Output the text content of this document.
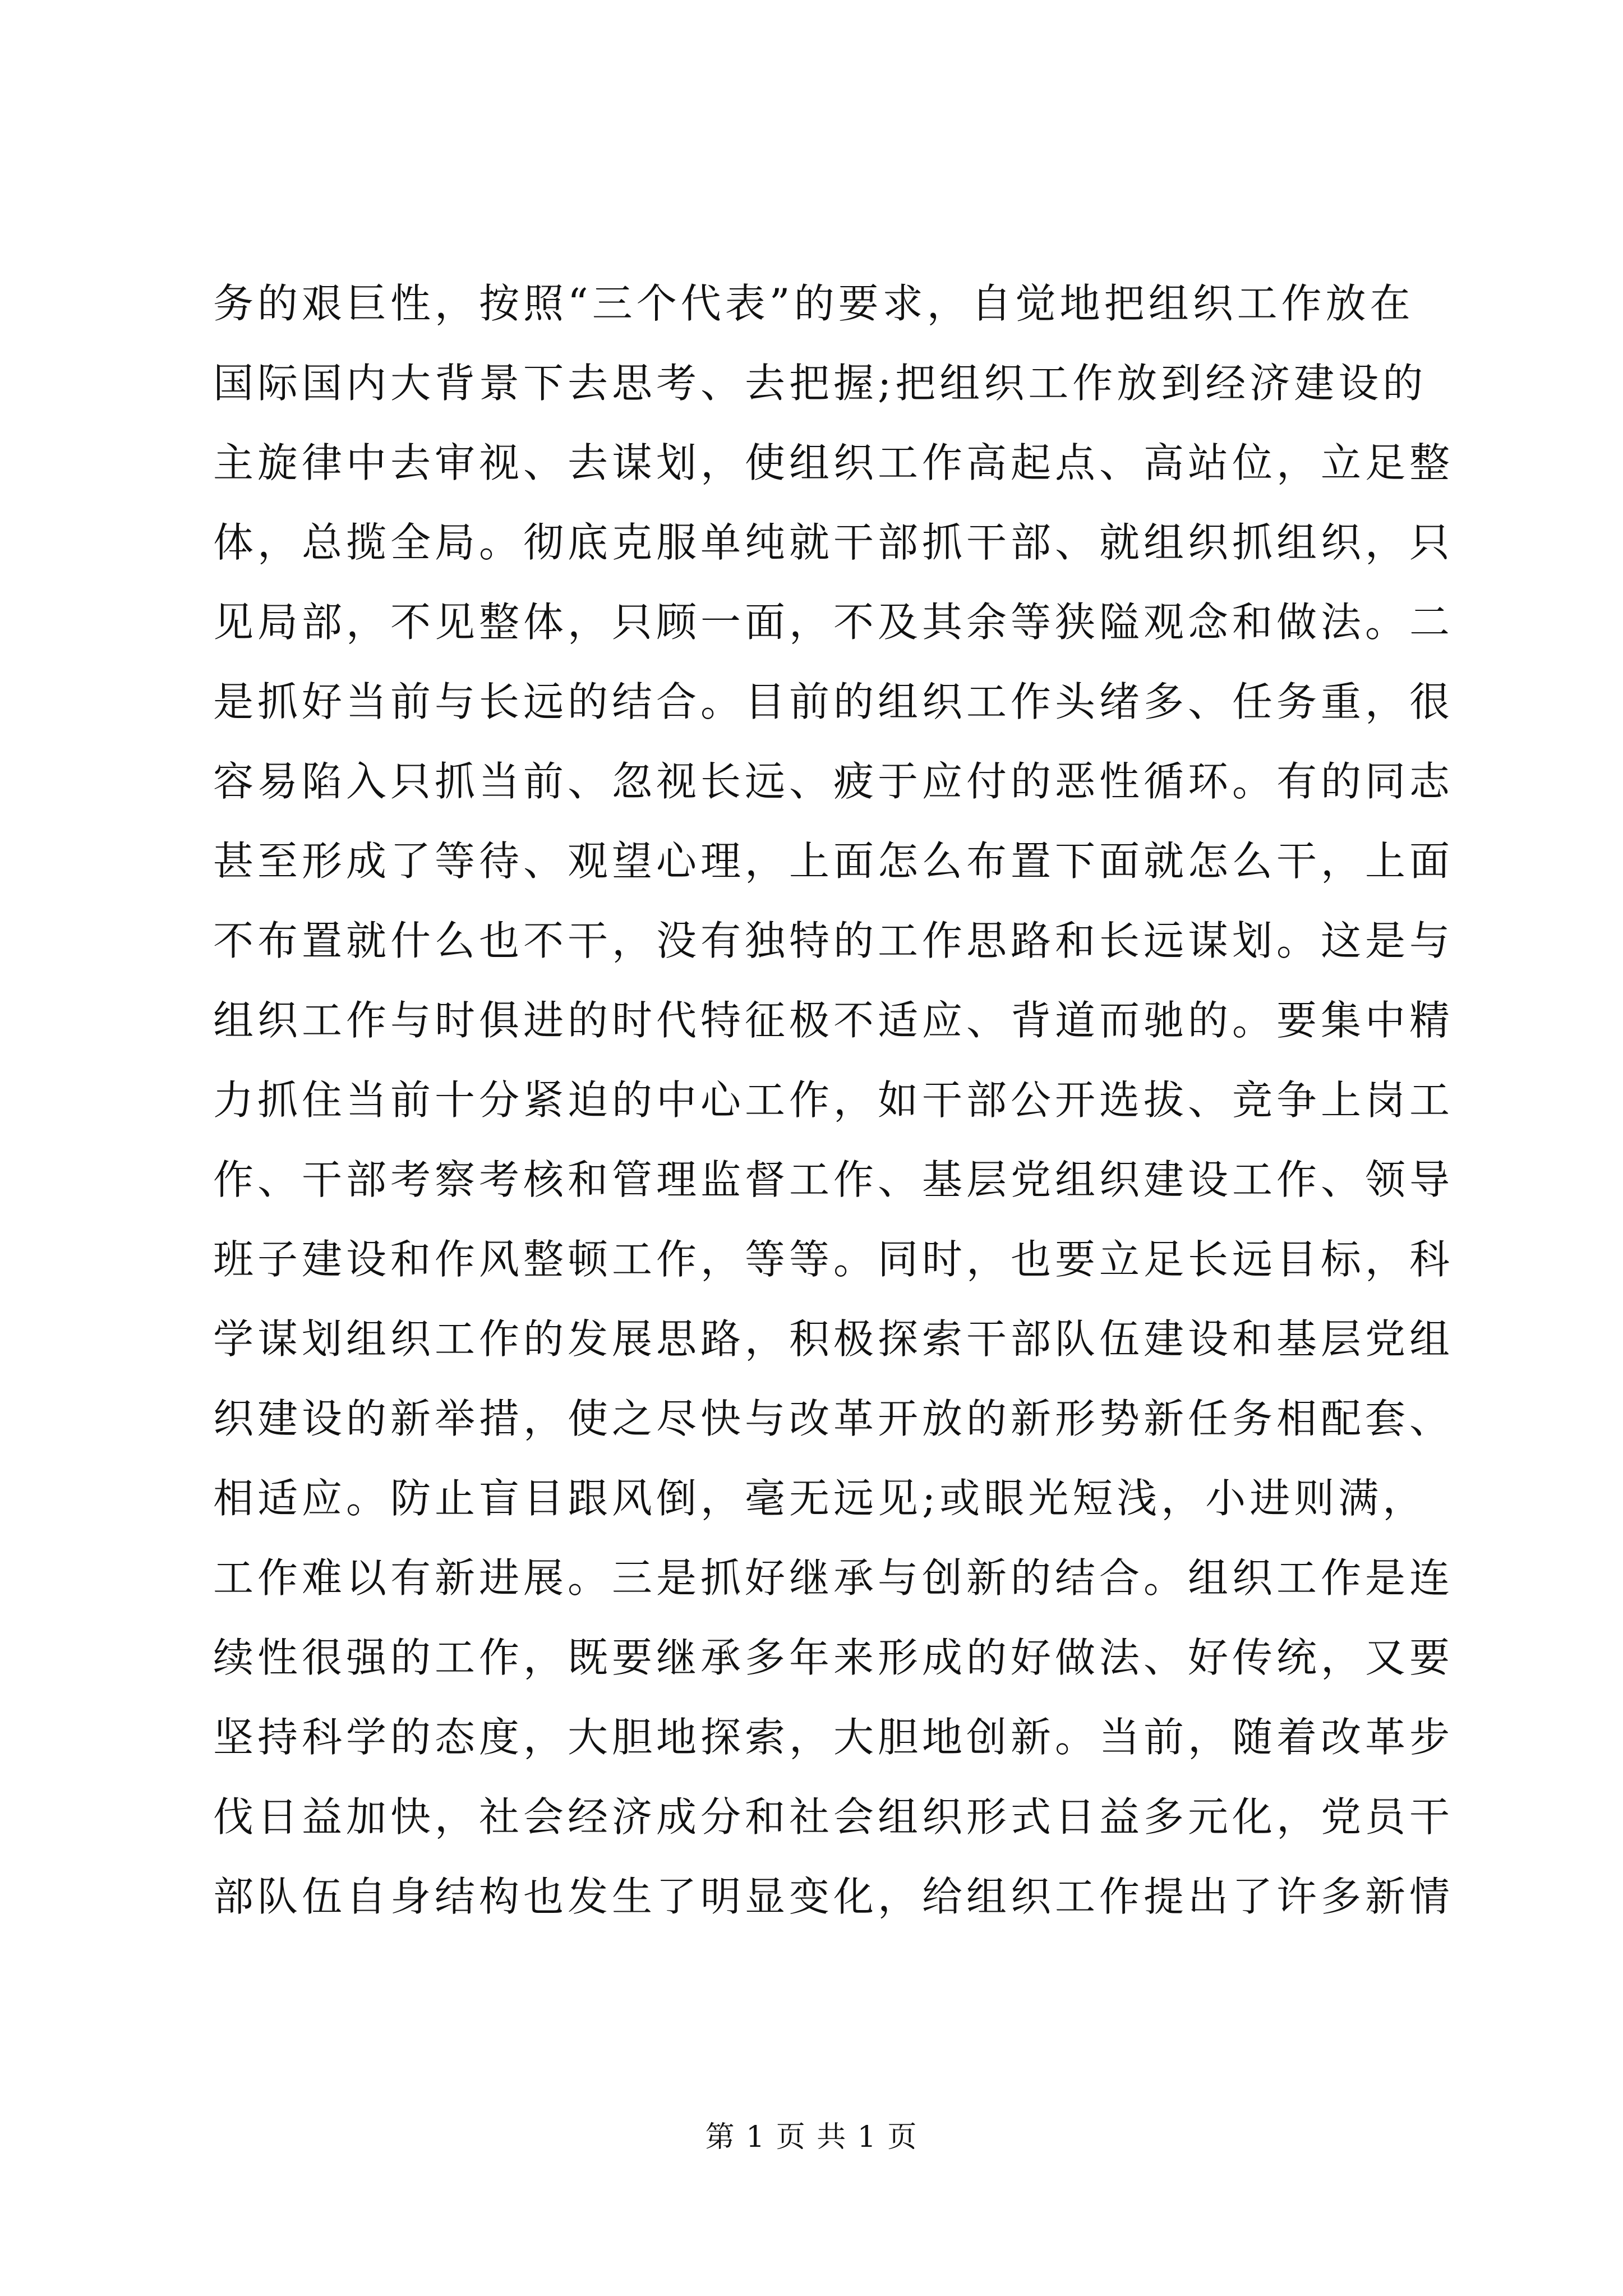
务的艰巨性，按照“三个代表”的要求，自觉地把组织工作放在
国际国内大背景下去思考、去把握;把组织工作放到经济建设的
主旋律中去审视、去谋划，使组织工作高起点、高站位，立足整
体，总揽全局。彻底克服单纯就干部抓干部、就组织抓组织，只
见局部，不见整体，只顾一面，不及其余等狭隘观念和做法。二
是抓好当前与长远的结合。目前的组织工作头绪多、任务重，很
容易陷入只抓当前、忽视长远、疲于应付的恶性循环。有的同志
甚至形成了等待、观望心理，上面怎么布置下面就怎么干，上面
不布置就什么也不干，没有独特的工作思路和长远谋划。这是与
组织工作与时俱进的时代特征极不适应、背道而驰的。要集中精
力抓住当前十分紧迫的中心工作，如干部公开选拔、竞争上岗工
作、干部考察考核和管理监督工作、基层党组织建设工作、领导
班子建设和作风整顿工作，等等。同时，也要立足长远目标，科
学谋划组织工作的发展思路，积极探索干部队伍建设和基层党组
织建设的新举措，使之尽快与改革开放的新形势新任务相配套、
相适应。防止盲目跟风倒，毫无远见;或眼光短浅，小进则满，
工作难以有新进展。三是抓好继承与创新的结合。组织工作是连
续性很强的工作，既要继承多年来形成的好做法、好传统，又要
坚持科学的态度，大胆地探索，大胆地创新。当前，随着改革步
伐日益加快，社会经济成分和社会组织形式日益多元化，党员干
部队伍自身结构也发生了明显变化，给组织工作提出了许多新情
第 1 页 共 1 页
